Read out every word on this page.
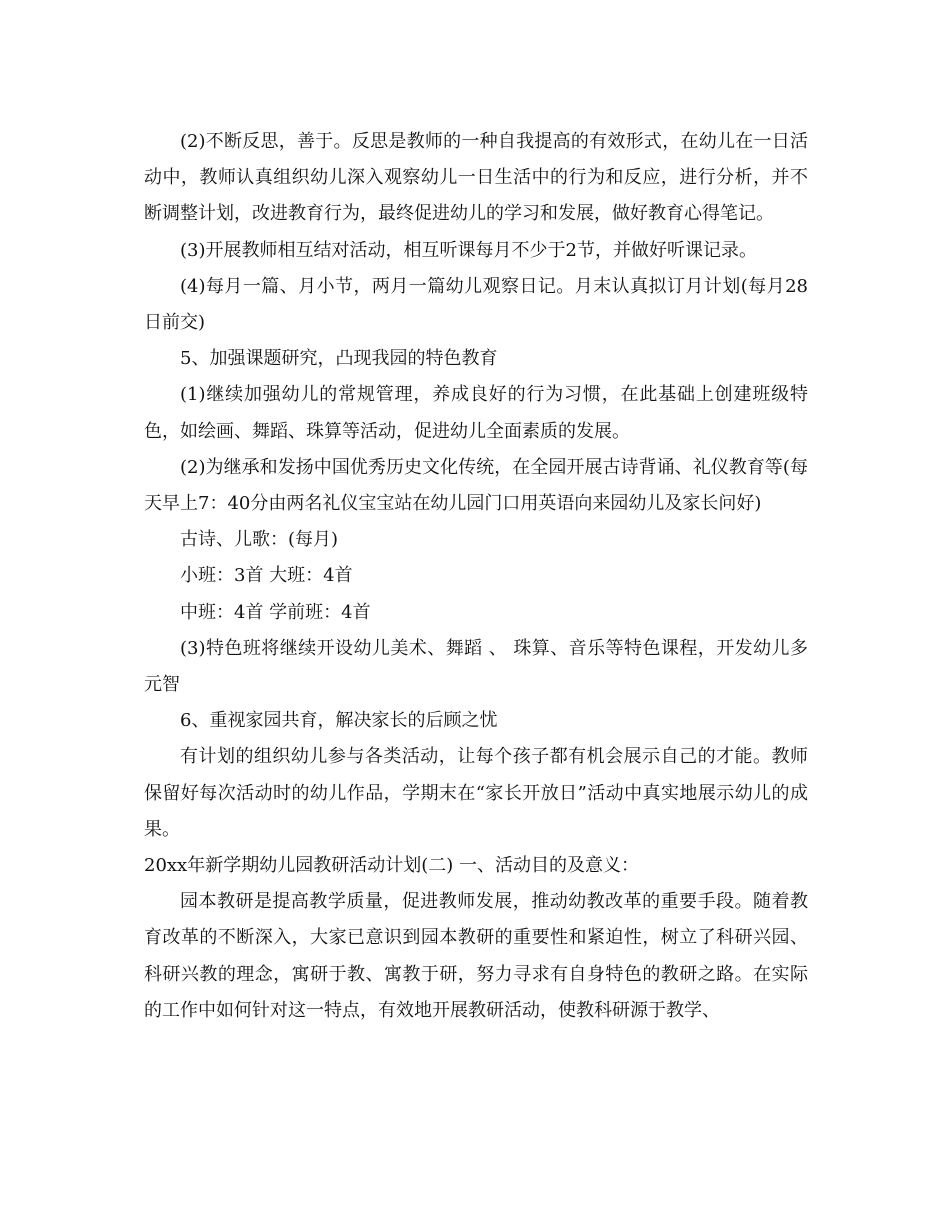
(2)不断反思，善于。反思是教师的一种自我提高的有效形式，在幼儿在一日活动中，教师认真组织幼儿深入观察幼儿一日生活中的行为和反应，进行分析，并不断调整计划，改进教育行为，最终促进幼儿的学习和发展，做好教育心得笔记。

(3)开展教师相互结对活动，相互听课每月不少于2节，并做好听课记录。

(4)每月一篇、月小节，两月一篇幼儿观察日记。月末认真拟订月计划(每月28日前交)

5、加强课题研究，凸现我园的特色教育

(1)继续加强幼儿的常规管理，养成良好的行为习惯，在此基础上创建班级特色，如绘画、舞蹈、珠算等活动，促进幼儿全面素质的发展。

(2)为继承和发扬中国优秀历史文化传统，在全园开展古诗背诵、礼仪教育等(每天早上7：40分由两名礼仪宝宝站在幼儿园门口用英语向来园幼儿及家长问好)

古诗、儿歌：(每月)

小班：3首 大班：4首

中班：4首 学前班：4首

(3)特色班将继续开设幼儿美术、舞蹈 、 珠算、音乐等特色课程，开发幼儿多元智

6、重视家园共育，解决家长的后顾之忧

有计划的组织幼儿参与各类活动，让每个孩子都有机会展示自己的才能。教师保留好每次活动时的幼儿作品，学期末在“家长开放日”活动中真实地展示幼儿的成果。

20xx年新学期幼儿园教研活动计划(二) 一、活动目的及意义：

园本教研是提高教学质量，促进教师发展，推动幼教改革的重要手段。随着教育改革的不断深入，大家已意识到园本教研的重要性和紧迫性，树立了科研兴园、科研兴教的理念，寓研于教、寓教于研，努力寻求有自身特色的教研之路。在实际的工作中如何针对这一特点，有效地开展教研活动，使教科研源于教学、
